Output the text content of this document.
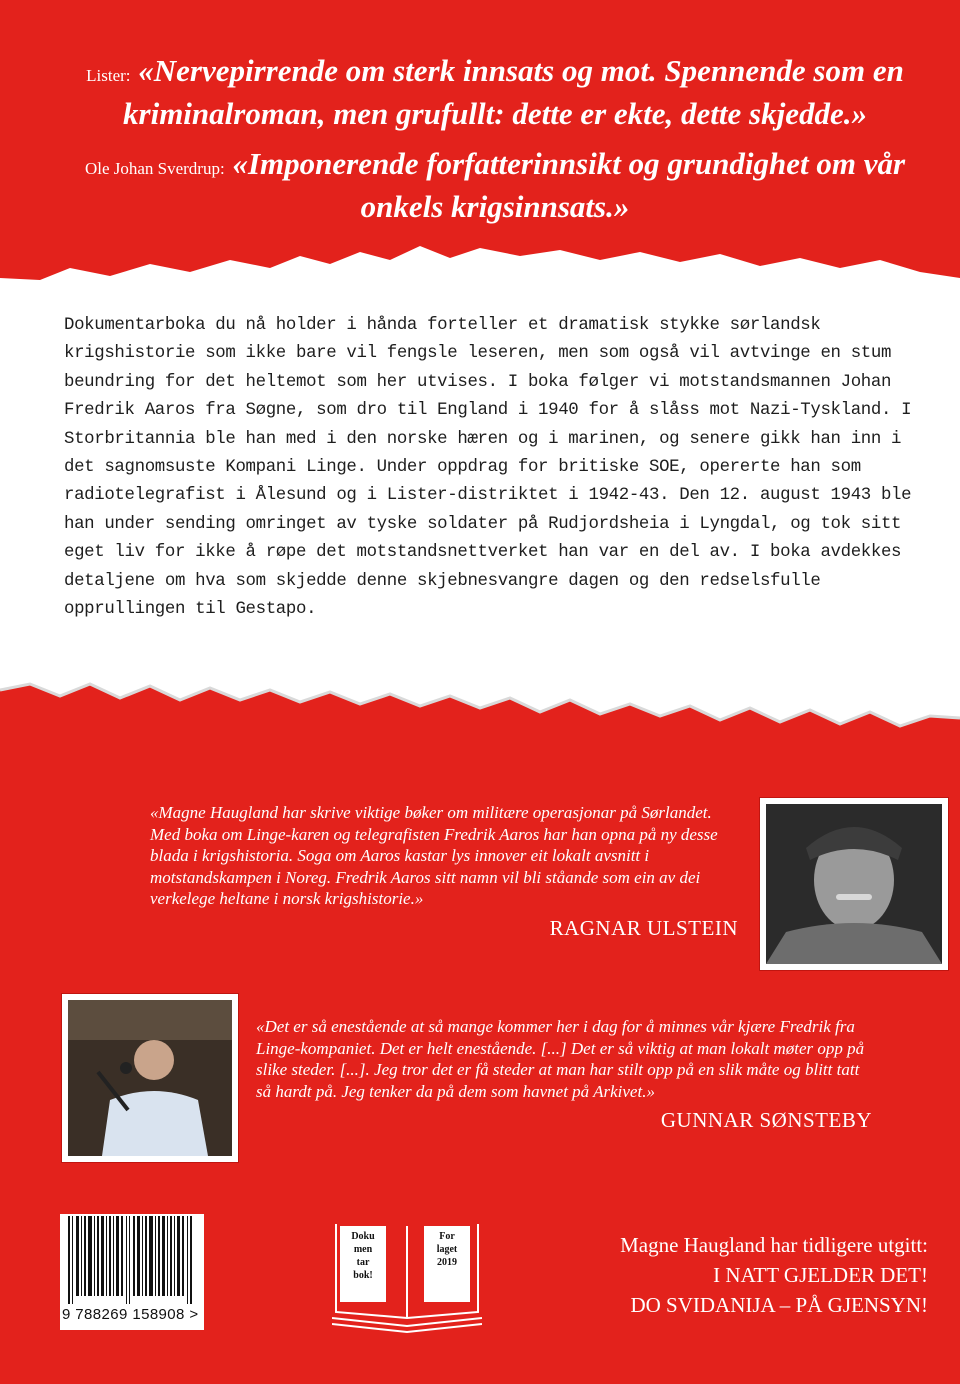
Lister: «Nervepirrende om sterk innsats og mot. Spennende som en kriminalroman, men grufullt: dette er ekte, dette skjedde.»
Ole Johan Sverdrup: «Imponerende forfatterinnsikt og grundighet om vår onkels krigsinnsats.»
Dokumentarboka du nå holder i hånda forteller et dramatisk stykke sørlandsk krigshistorie som ikke bare vil fengsle leseren, men som også vil avtvinge en stum beundring for det heltemot som her utvises. I boka følger vi motstandsmannen Johan Fredrik Aaros fra Søgne, som dro til England i 1940 for å slåss mot Nazi-Tyskland. I Storbritannia ble han med i den norske hæren og i marinen, og senere gikk han inn i det sagnomsuste Kompani Linge. Under oppdrag for britiske SOE, opererte han som radiotelegrafist i Ålesund og i Lister-distriktet i 1942-43. Den 12. august 1943 ble han under sending omringet av tyske soldater på Rudjordsheia i Lyngdal, og tok sitt eget liv for ikke å røpe det motstandsnettverket han var en del av. I boka avdekkes detaljene om hva som skjedde denne skjebnesvangre dagen og den redselsfulle opprullingen til Gestapo.
«Magne Haugland har skrive viktige bøker om militære operasjonar på Sørlandet. Med boka om Linge-karen og telegrafisten Fredrik Aaros har han opna på ny desse blada i krigshistoria. Soga om Aaros kastar lys innover eit lokalt avsnitt i motstandskampen i Noreg. Fredrik Aaros sitt namn vil bli ståande som ein av dei verkelege heltane i norsk krigshistorie.»
RAGNAR ULSTEIN
«Det er så enestående at så mange kommer her i dag for å minnes vår kjære Fredrik fra Linge-kompaniet. Det er helt enestående. [...] Det er så viktig at man lokalt møter opp på slike steder. [...]. Jeg tror det er få steder at man har stilt opp på en slik måte og blitt tatt så hardt på. Jeg tenker da på dem som havnet på Arkivet.»
GUNNAR SØNSTEBY
9 788269 158908 >
Doku
men
tar
bok!
For
laget
2019
Magne Haugland har tidligere utgitt:
I NATT GJELDER DET!
DO SVIDANIJA – PÅ GJENSYN!
